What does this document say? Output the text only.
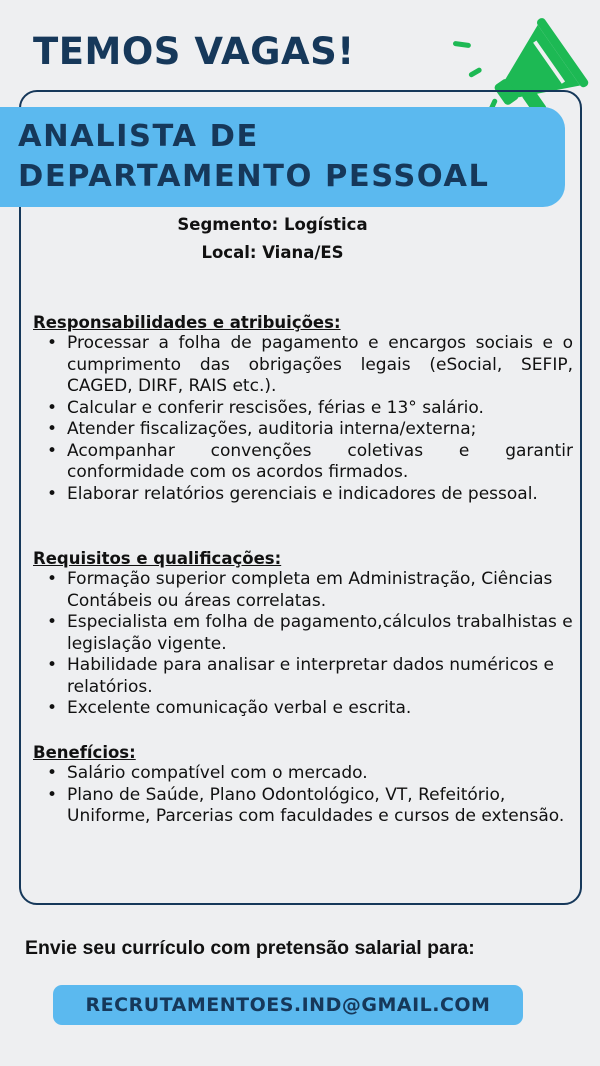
TEMOS VAGAS!
ANALISTA DE
DEPARTAMENTO PESSOAL
Segmento: Logística
Local: Viana/ES
Responsabilidades e atribuições:
• Processar a folha de pagamento e encargos sociais e o cumprimento das obrigações legais (eSocial, SEFIP, CAGED, DIRF, RAIS etc.).
• Calcular e conferir rescisões, férias e 13° salário.
• Atender fiscalizações, auditoria interna/externa;
• Acompanhar convenções coletivas e garantir conformidade com os acordos firmados.
• Elaborar relatórios gerenciais e indicadores de pessoal.
Requisitos e qualificações:
• Formação superior completa em Administração, Ciências Contábeis ou áreas correlatas.
• Especialista em folha de pagamento,cálculos trabalhistas e legislação vigente.
• Habilidade para analisar e interpretar dados numéricos e relatórios.
• Excelente comunicação verbal e escrita.
Benefícios:
• Salário compatível com o mercado.
• Plano de Saúde, Plano Odontológico, VT, Refeitório, Uniforme, Parcerias com faculdades e cursos de extensão.

Envie seu currículo com pretensão salarial para:

RECRUTAMENTOES.IND@GMAIL.COM
